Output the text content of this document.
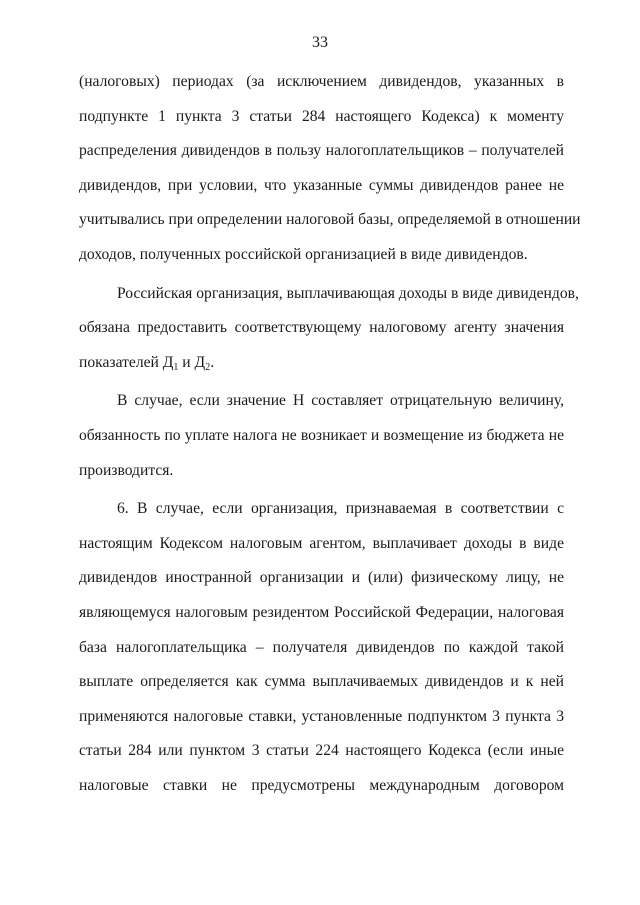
33
(налоговых) периодах (за исключением дивидендов, указанных в
подпункте 1 пункта 3 статьи 284 настоящего Кодекса) к моменту
распределения дивидендов в пользу налогоплательщиков – получателей
дивидендов, при условии, что указанные суммы дивидендов ранее не
учитывались при определении налоговой базы, определяемой в отношении
доходов, полученных российской организацией в виде дивидендов.
Российская организация, выплачивающая доходы в виде дивидендов,
обязана предоставить соответствующему налоговому агенту значения
показателей $Д_1$ и $Д_2$.
В случае, если значение Н составляет отрицательную величину,
обязанность по уплате налога не возникает и возмещение из бюджета не
производится.
6. В случае, если организация, признаваемая в соответствии с
настоящим Кодексом налоговым агентом, выплачивает доходы в виде
дивидендов иностранной организации и (или) физическому лицу, не
являющемуся налоговым резидентом Российской Федерации, налоговая
база налогоплательщика – получателя дивидендов по каждой такой
выплате определяется как сумма выплачиваемых дивидендов и к ней
применяются налоговые ставки, установленные подпунктом 3 пункта 3
статьи 284 или пунктом 3 статьи 224 настоящего Кодекса (если иные
налоговые ставки не предусмотрены международным договором
